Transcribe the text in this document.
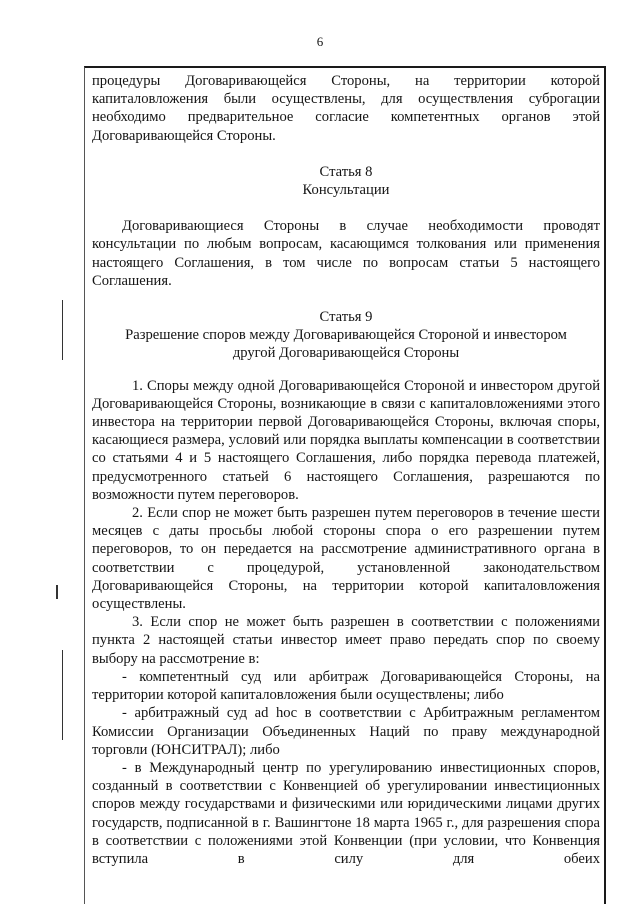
6

процедуры Договаривающейся Стороны, на территории которой капиталовложения были осуществлены, для осуществления суброгации необходимо предварительное согласие компетентных органов этой Договаривающейся Стороны.

Статья 8

Консультации

Договаривающиеся Стороны в случае необходимости проводят консультации по любым вопросам, касающимся толкования или применения настоящего Соглашения, в том числе по вопросам статьи 5 настоящего Соглашения.

Статья 9

Разрешение споров между Договаривающейся Стороной и инвестором

другой Договаривающейся Стороны

1. Споры между одной Договаривающейся Стороной и инвестором другой Договаривающейся Стороны, возникающие в связи с капиталовложениями этого инвестора на территории первой Договаривающейся Стороны, включая споры, касающиеся размера, условий или порядка выплаты компенсации в соответствии со статьями 4 и 5 настоящего Соглашения, либо порядка перевода платежей, предусмотренного статьей 6 настоящего Соглашения, разрешаются по возможности путем переговоров.

2. Если спор не может быть разрешен путем переговоров в течение шести месяцев с даты просьбы любой стороны спора о его разрешении путем переговоров, то он передается на рассмотрение административного органа в соответствии с процедурой, установленной законодательством Договаривающейся Стороны, на территории которой капиталовложения осуществлены.

3. Если спор не может быть разрешен в соответствии с положениями пункта 2 настоящей статьи инвестор имеет право передать спор по своему выбору на рассмотрение в:

- компетентный суд или арбитраж Договаривающейся Стороны, на территории которой капиталовложения были осуществлены; либо

- арбитражный суд ad hoc в соответствии с Арбитражным регламентом Комиссии Организации Объединенных Наций по праву международной торговли (ЮНСИТРАЛ); либо

- в Международный центр по урегулированию инвестиционных споров, созданный в соответствии с Конвенцией об урегулировании инвестиционных споров между государствами и физическими или юридическими лицами других государств, подписанной в г. Вашингтоне 18 марта 1965 г., для разрешения спора в соответствии с положениями этой Конвенции (при условии, что Конвенция вступила в силу для обеих
